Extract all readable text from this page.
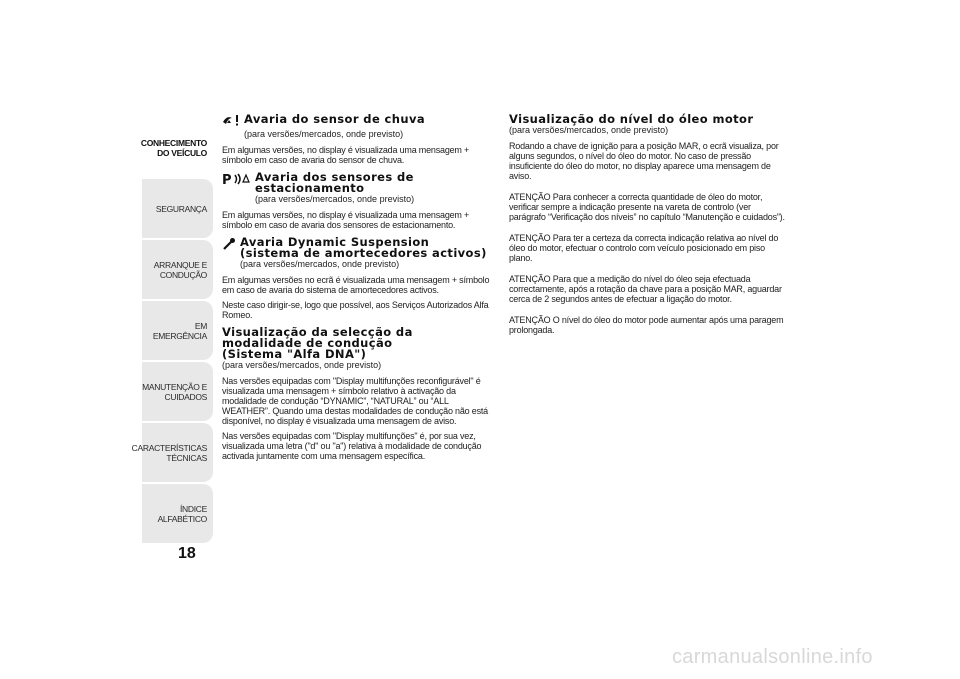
CONHECIMENTO
DO VEÍCULO
SEGURANÇA
ARRANQUE E
CONDUÇÃO
EM EMERGÊNCIA
MANUTENÇÃO E
CUIDADOS
CARACTERÍSTICAS
TÉCNICAS
ÍNDICE ALFABÉTICO
18
Avaria do sensor de chuva
(para versões/mercados, onde previsto)

Em algumas versões, no display é visualizada uma mensagem + símbolo em caso de avaria do sensor de chuva.

P Avaria dos sensores de
estacionamento
(para versões/mercados, onde previsto)

Em algumas versões, no display é visualizada uma mensagem + símbolo em caso de avaria dos sensores de estacionamento.

Avaria Dynamic Suspension
(sistema de amortecedores activos)
(para versões/mercados, onde previsto)

Em algumas versões no ecrã é visualizada uma mensagem + símbolo em caso de avaria do sistema de amortecedores activos.

Neste caso dirigir-se, logo que possível, aos Serviços Autorizados Alfa Romeo.

Visualização da selecção da
modalidade de condução
(Sistema "Alfa DNA")
(para versões/mercados, onde previsto)

Nas versões equipadas com "Display multifunções reconfigurável" é visualizada uma mensagem + símbolo relativo à activação da modalidade de condução “DYNAMIC”, “NATURAL” ou “ALL WEATHER”. Quando uma destas modalidades de condução não está disponível, no display é visualizada uma mensagem de aviso.

Nas versões equipadas com "Display multifunções" é, por sua vez, visualizada uma letra ("d" ou "a") relativa à modalidade de condução activada juntamente com uma mensagem específica.

Visualização do nível do óleo motor
(para versões/mercados, onde previsto)

Rodando a chave de ignição para a posição MAR, o ecrã visualiza, por alguns segundos, o nível do óleo do motor. No caso de pressão insuficiente do óleo do motor, no display aparece uma mensagem de aviso.

ATENÇÃO Para conhecer a correcta quantidade de óleo do motor, verificar sempre a indicação presente na vareta de controlo (ver parágrafo “Verificação dos níveis” no capítulo “Manutenção e cuidados”).

ATENÇÃO Para ter a certeza da correcta indicação relativa ao nível do óleo do motor, efectuar o controlo com veículo posicionado em piso plano.

ATENÇÃO Para que a medição do nível do óleo seja efectuada correctamente, após a rotação da chave para a posição MAR, aguardar cerca de 2 segundos antes de efectuar a ligação do motor.

ATENÇÃO O nível do óleo do motor pode aumentar após uma paragem prolongada.

carmanualsonline.info
